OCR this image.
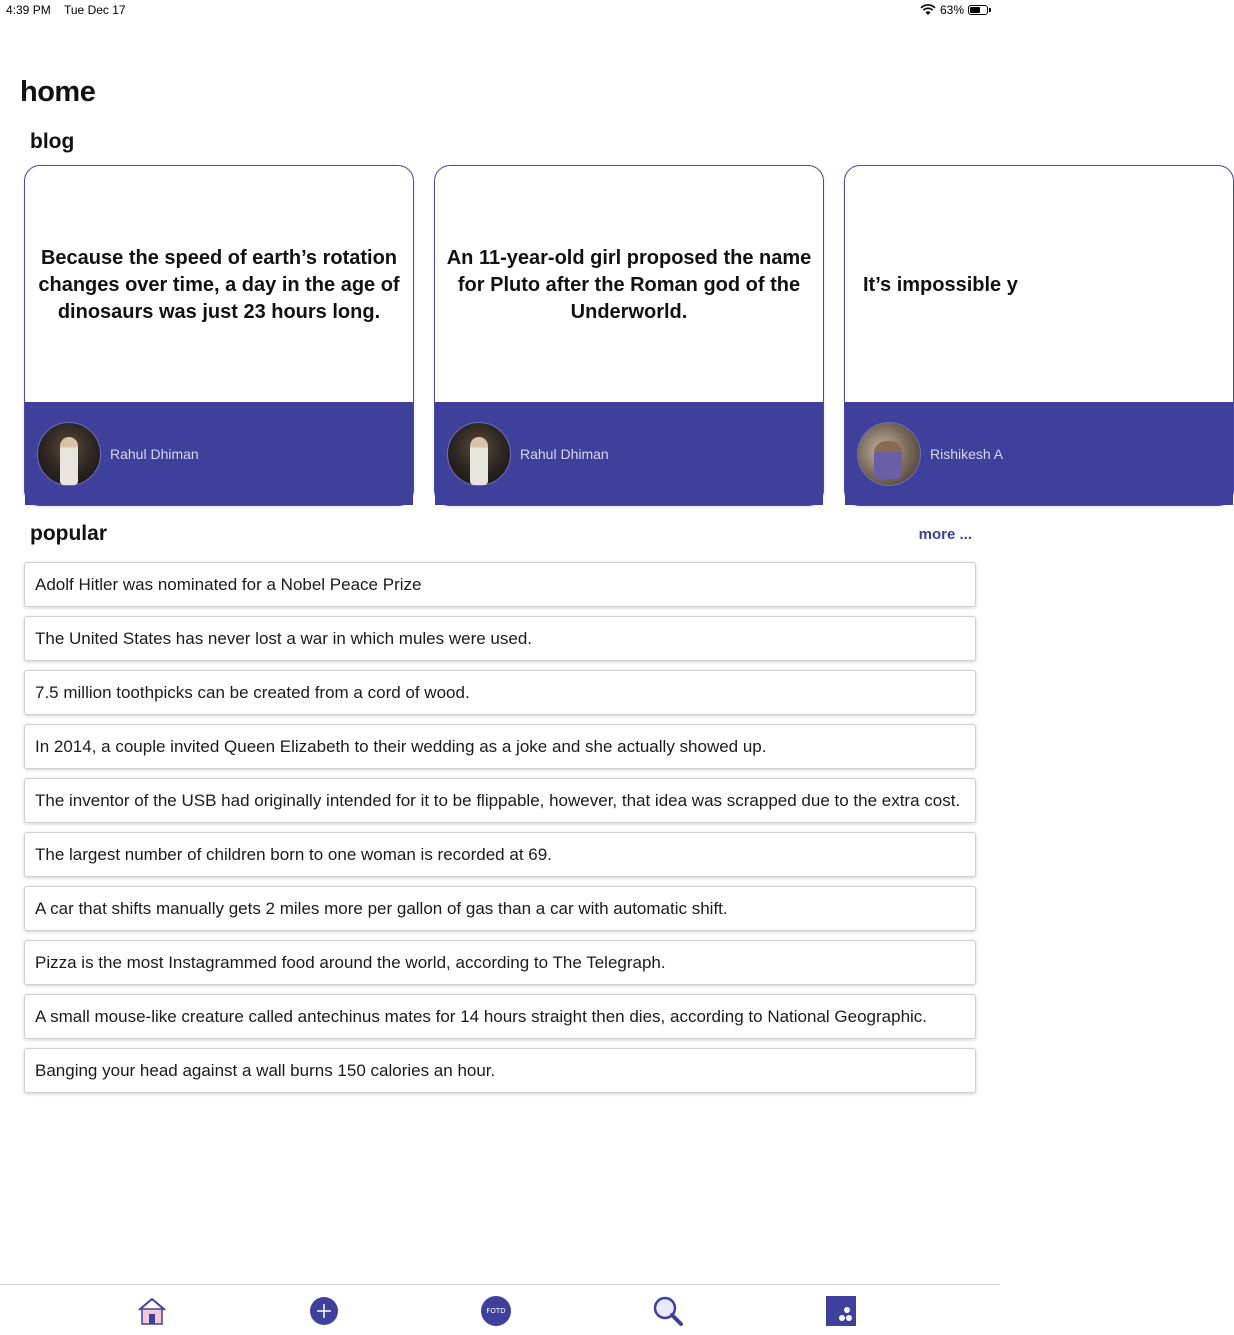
4:39 PM Tue Dec 17	63%
home
blog
Because the speed of earth’s rotation changes over time, a day in the age of dinosaurs was just 23 hours long.
Rahul Dhiman
An 11-year-old girl proposed the name for Pluto after the Roman god of the Underworld.
Rahul Dhiman
It’s impossible y
Rishikesh A
popular	more ...
Adolf Hitler was nominated for a Nobel Peace Prize
The United States has never lost a war in which mules were used.
7.5 million toothpicks can be created from a cord of wood.
In 2014, a couple invited Queen Elizabeth to their wedding as a joke and she actually showed up.
The inventor of the USB had originally intended for it to be flippable, however, that idea was scrapped due to the extra cost.
The largest number of children born to one woman is recorded at 69.
A car that shifts manually gets 2 miles more per gallon of gas than a car with automatic shift.
Pizza is the most Instagrammed food around the world, according to The Telegraph.
A small mouse-like creature called antechinus mates for 14 hours straight then dies, according to National Geographic.
Banging your head against a wall burns 150 calories an hour.
FOTD
